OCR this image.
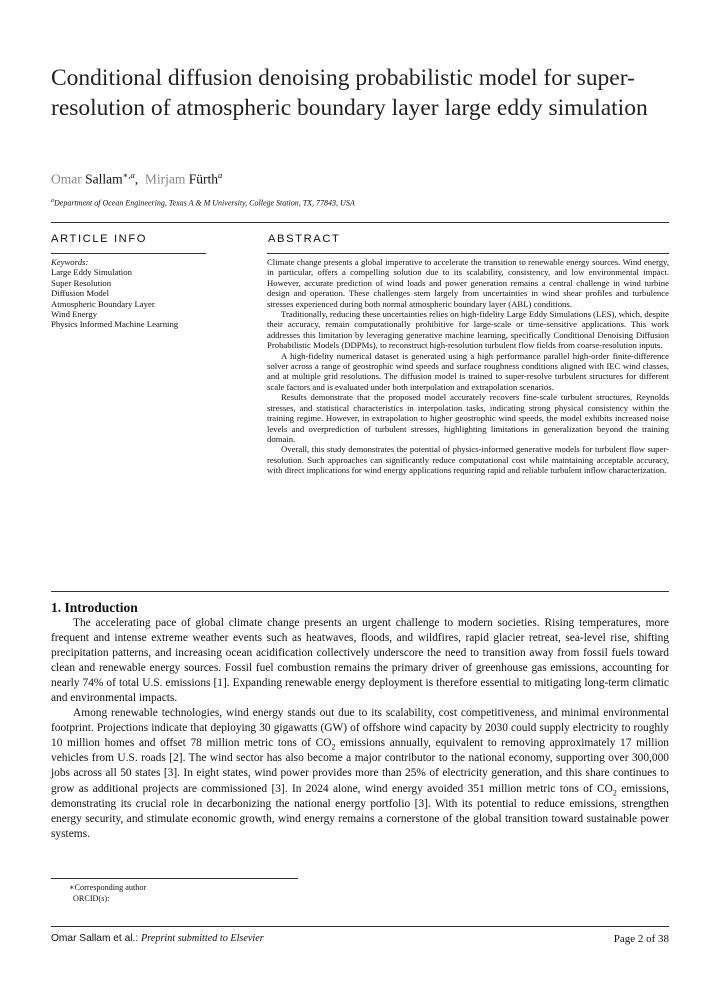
Conditional diffusion denoising probabilistic model for super-resolution of atmospheric boundary layer large eddy simulation
Omar Sallam$^{∗,a}$,  Mirjam Fürth$^a$
$^a$Department of Ocean Engineering, Texas A & M University, College Station, TX, 77843, USA
ARTICLE INFO	ABSTRACT
Keywords:
Large Eddy Simulation
Super Resolution
Diffusion Model
Atmospheric Boundary Layer
Wind Energy
Physics Informed Machine Learning

Climate change presents a global imperative to accelerate the transition to renewable energy sources. Wind energy, in particular, offers a compelling solution due to its scalability, consistency, and low environmental impact. However, accurate prediction of wind loads and power generation remains a central challenge in wind turbine design and operation. These challenges stem largely from uncertainties in wind shear profiles and turbulence stresses experienced during both normal atmospheric boundary layer (ABL) conditions.

Traditionally, reducing these uncertainties relies on high-fidelity Large Eddy Simulations (LES), which, despite their accuracy, remain computationally prohibitive for large-scale or time-sensitive applications. This work addresses this limitation by leveraging generative machine learning, specifically Conditional Denoising Diffusion Probabilistic Models (DDPMs), to reconstruct high-resolution turbulent flow fields from coarse-resolution inputs.

A high-fidelity numerical dataset is generated using a high performance parallel high-order finite-difference solver across a range of geostrophic wind speeds and surface roughness conditions aligned with IEC wind classes, and at multiple grid resolutions. The diffusion model is trained to super-resolve turbulent structures for different scale factors and is evaluated under both interpolation and extrapolation scenarios.

Results demonstrate that the proposed model accurately recovers fine-scale turbulent structures, Reynolds stresses, and statistical characteristics in interpolation tasks, indicating strong physical consistency within the training regime. However, in extrapolation to higher geostrophic wind speeds, the model exhibits increased noise levels and overprediction of turbulent stresses, highlighting limitations in generalization beyond the training domain.

Overall, this study demonstrates the potential of physics-informed generative models for turbulent flow super-resolution. Such approaches can significantly reduce computational cost while maintaining acceptable accuracy, with direct implications for wind energy applications requiring rapid and reliable turbulent inflow characterization.

1. Introduction

The accelerating pace of global climate change presents an urgent challenge to modern societies. Rising temperatures, more frequent and intense extreme weather events such as heatwaves, floods, and wildfires, rapid glacier retreat, sea-level rise, shifting precipitation patterns, and increasing ocean acidification collectively underscore the need to transition away from fossil fuels toward clean and renewable energy sources. Fossil fuel combustion remains the primary driver of greenhouse gas emissions, accounting for nearly 74% of total U.S. emissions [1]. Expanding renewable energy deployment is therefore essential to mitigating long-term climatic and environmental impacts.

Among renewable technologies, wind energy stands out due to its scalability, cost competitiveness, and minimal environmental footprint. Projections indicate that deploying 30 gigawatts (GW) of offshore wind capacity by 2030 could supply electricity to roughly 10 million homes and offset 78 million metric tons of $CO_2$ emissions annually, equivalent to removing approximately 17 million vehicles from U.S. roads [2]. The wind sector has also become a major contributor to the national economy, supporting over 300,000 jobs across all 50 states [3]. In eight states, wind power provides more than 25% of electricity generation, and this share continues to grow as additional projects are commissioned [3]. In 2024 alone, wind energy avoided 351 million metric tons of $CO_2$ emissions, demonstrating its crucial role in decarbonizing the national energy portfolio [3]. With its potential to reduce emissions, strengthen energy security, and stimulate economic growth, wind energy remains a cornerstone of the global transition toward sustainable power systems.

∗Corresponding author
ORCID(s):
Omar Sallam et al.: Preprint submitted to Elsevier	Page 2 of 38
